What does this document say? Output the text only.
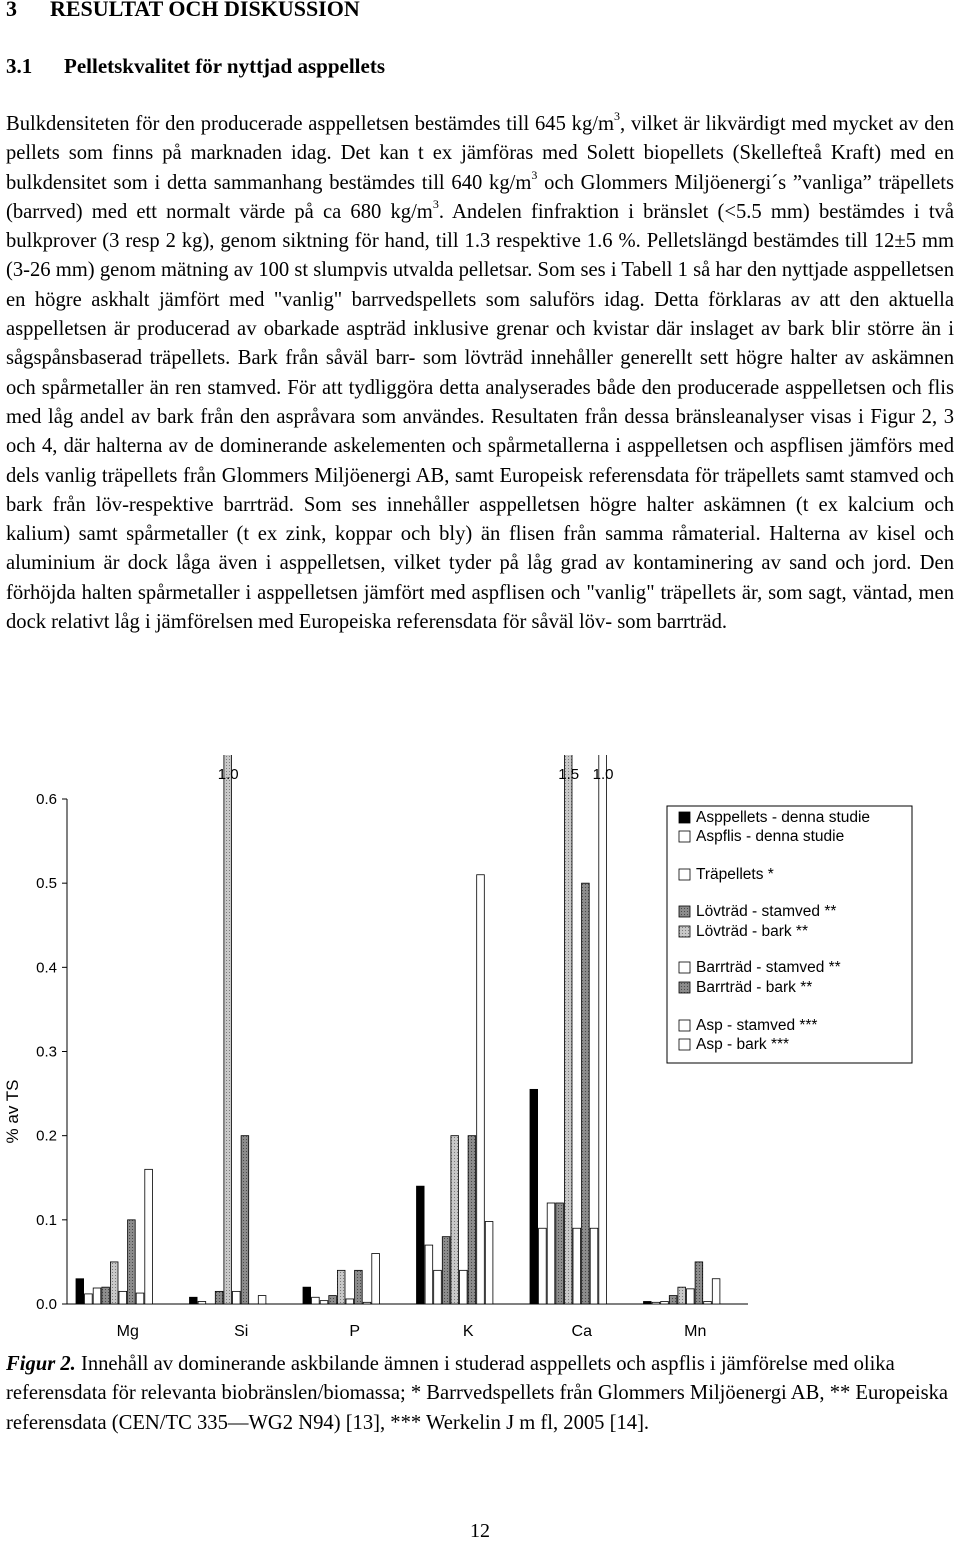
3 RESULTAT OCH DISKUSSION
3.1 Pelletskvalitet för nyttjad asppellets

Bulkdensiteten för den producerade asppelletsen bestämdes till 645 $kg/m^3$, vilket är likvärdigt med mycket av den pellets som finns på marknaden idag. Det kan t ex jämföras med Solett biopellets (Skellefteå Kraft) med en bulkdensitet som i detta sammanhang bestämdes till 640 $kg/m^3$ och Glommers Miljöenergi´s ”vanliga” träpellets (barrved) med ett normalt värde på ca 680 $kg/m^3$. Andelen finfraktion i bränslet (<5.5 mm) bestämdes i två bulkprover (3 resp 2 kg), genom siktning för hand, till 1.3 respektive 1.6 %. Pelletslängd bestämdes till 12±5 mm (3-26 mm) genom mätning av 100 st slumpvis utvalda pelletsar. Som ses i Tabell 1 så har den nyttjade asppelletsen en högre askhalt jämfört med "vanlig" barrvedspellets som saluförs idag. Detta förklaras av att den aktuella asppelletsen är producerad av obarkade aspträd inklusive grenar och kvistar där inslaget av bark blir större än i sågspånsbaserad träpellets. Bark från såväl barr- som lövträd innehåller generellt sett högre halter av askämnen och spårmetaller än ren stamved. För att tydliggöra detta analyserades både den producerade asppelletsen och flis med låg andel av bark från den aspråvara som användes. Resultaten från dessa bränsleanalyser visas i Figur 2, 3 och 4, där halterna av de dominerande askelementen och spårmetallerna i asppelletsen och aspflisen jämförs med dels vanlig träpellets från Glommers Miljöenergi AB, samt Europeisk referensdata för träpellets samt stamved och bark från löv-respektive barrträd. Som ses innehåller asppelletsen högre halter askämnen (t ex kalcium och kalium) samt spårmetaller (t ex zink, koppar och bly) än flisen från samma råmaterial. Halterna av kisel och aluminium är dock låga även i asppelletsen, vilket tyder på låg grad av kontaminering av sand och jord. Den förhöjda halten spårmetaller i asppelletsen jämfört med aspflisen och "vanlig" träpellets är, som sagt, väntad, men dock relativt låg i jämförelsen med Europeiska referensdata för såväl löv- som barrträd.

0.0
0.1
0.2
0.3
0.4
0.5
0.6
% av TS
Mg
1.0
Si	P	K
1.5 1.0
Ca	Mn
Asppellets - denna studie
Aspflis - denna studie
Träpellets *
Lövträd - stamved **
Lövträd - bark **
Barrträd - stamved **
Barrträd - bark **
Asp - stamved ***
Asp - bark ***

Figur 2. Innehåll av dominerande askbilande ämnen i studerad asppellets och aspflis i jämförelse med olika referensdata för relevanta biobränslen/biomassa; * Barrvedspellets från Glommers Miljöenergi AB, ** Europeiska referensdata (CEN/TC 335—WG2 N94) [13], *** Werkelin J m fl, 2005 [14].

12
